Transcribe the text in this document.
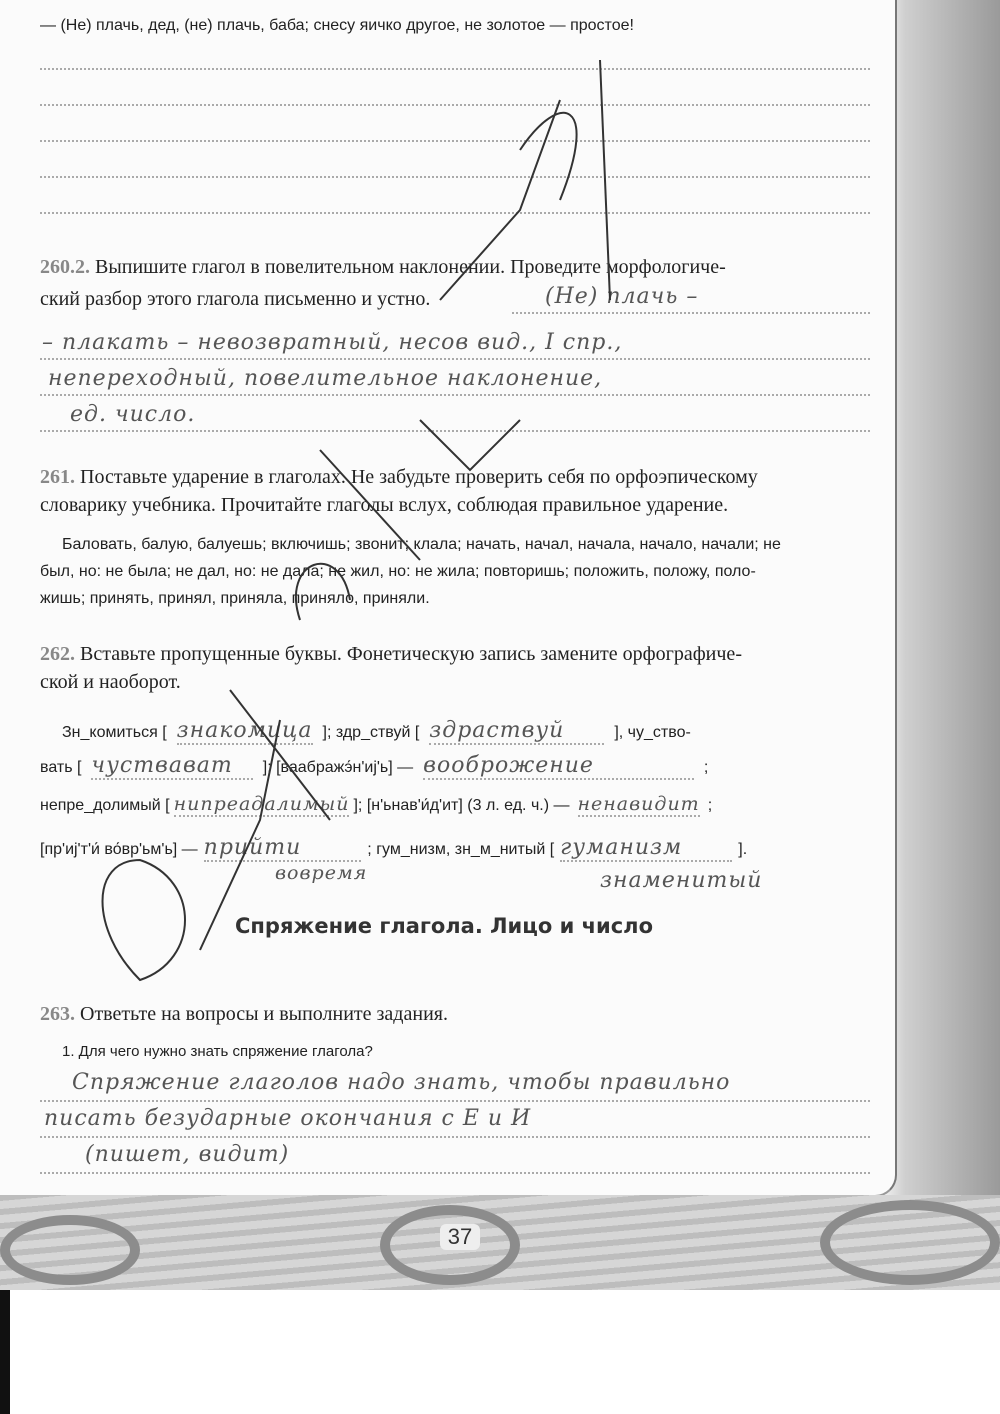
— (Не) плачь, дед, (не) плачь, баба; снесу яичко другое, не золотое — простое!
260.2. Выпишите глагол в повелительном наклонении. Проведите морфологиче-
ский разбор этого глагола письменно и устно.	(Не) плачь –
– плакать – невозвратный, несов вид., I спр.,
непереходный, повелительное наклонение,
ед. число.
261. Поставьте ударение в глаголах. Не забудьте проверить себя по орфоэпическому
словарику учебника. Прочитайте глаголы вслух, соблюдая правильное ударение.
Баловать, балую, балуешь; включишь; звонит; клала; начать, начал, начала, начало, начали; не
был, но: не была; не дал, но: не дала; не жил, но: не жила; повторишь; положить, положу, поло-
жишь; принять, принял, приняла, приняло, приняли.
262. Вставьте пропущенные буквы. Фонетическую запись замените орфографиче-
ской и наоборот.
Зн_комиться [ знакомица ]; здр_ствуй [ здраствуй	], чу_ство-
вать [ чуствават ]; [ваабражэ́н'иj'ь] — вооброжение	;
непре_долимый [ нипреадалимый ]; [н'ьнав'и́д'ит] (3 л. ед. ч.) — ненавидит ;
[пр'иj'т'и́ во́вр'ьм'ь] — прийти	; гум_низм, зн_м_нитый [ гуманизм	].
вовремя	знаменитый
Спряжение глагола. Лицо и число
263. Ответьте на вопросы и выполните задания.
1. Для чего нужно знать спряжение глагола?
Спряжение глаголов надо знать, чтобы правильно
писать безударные окончания с Е и И
(пишет, видит)
37
